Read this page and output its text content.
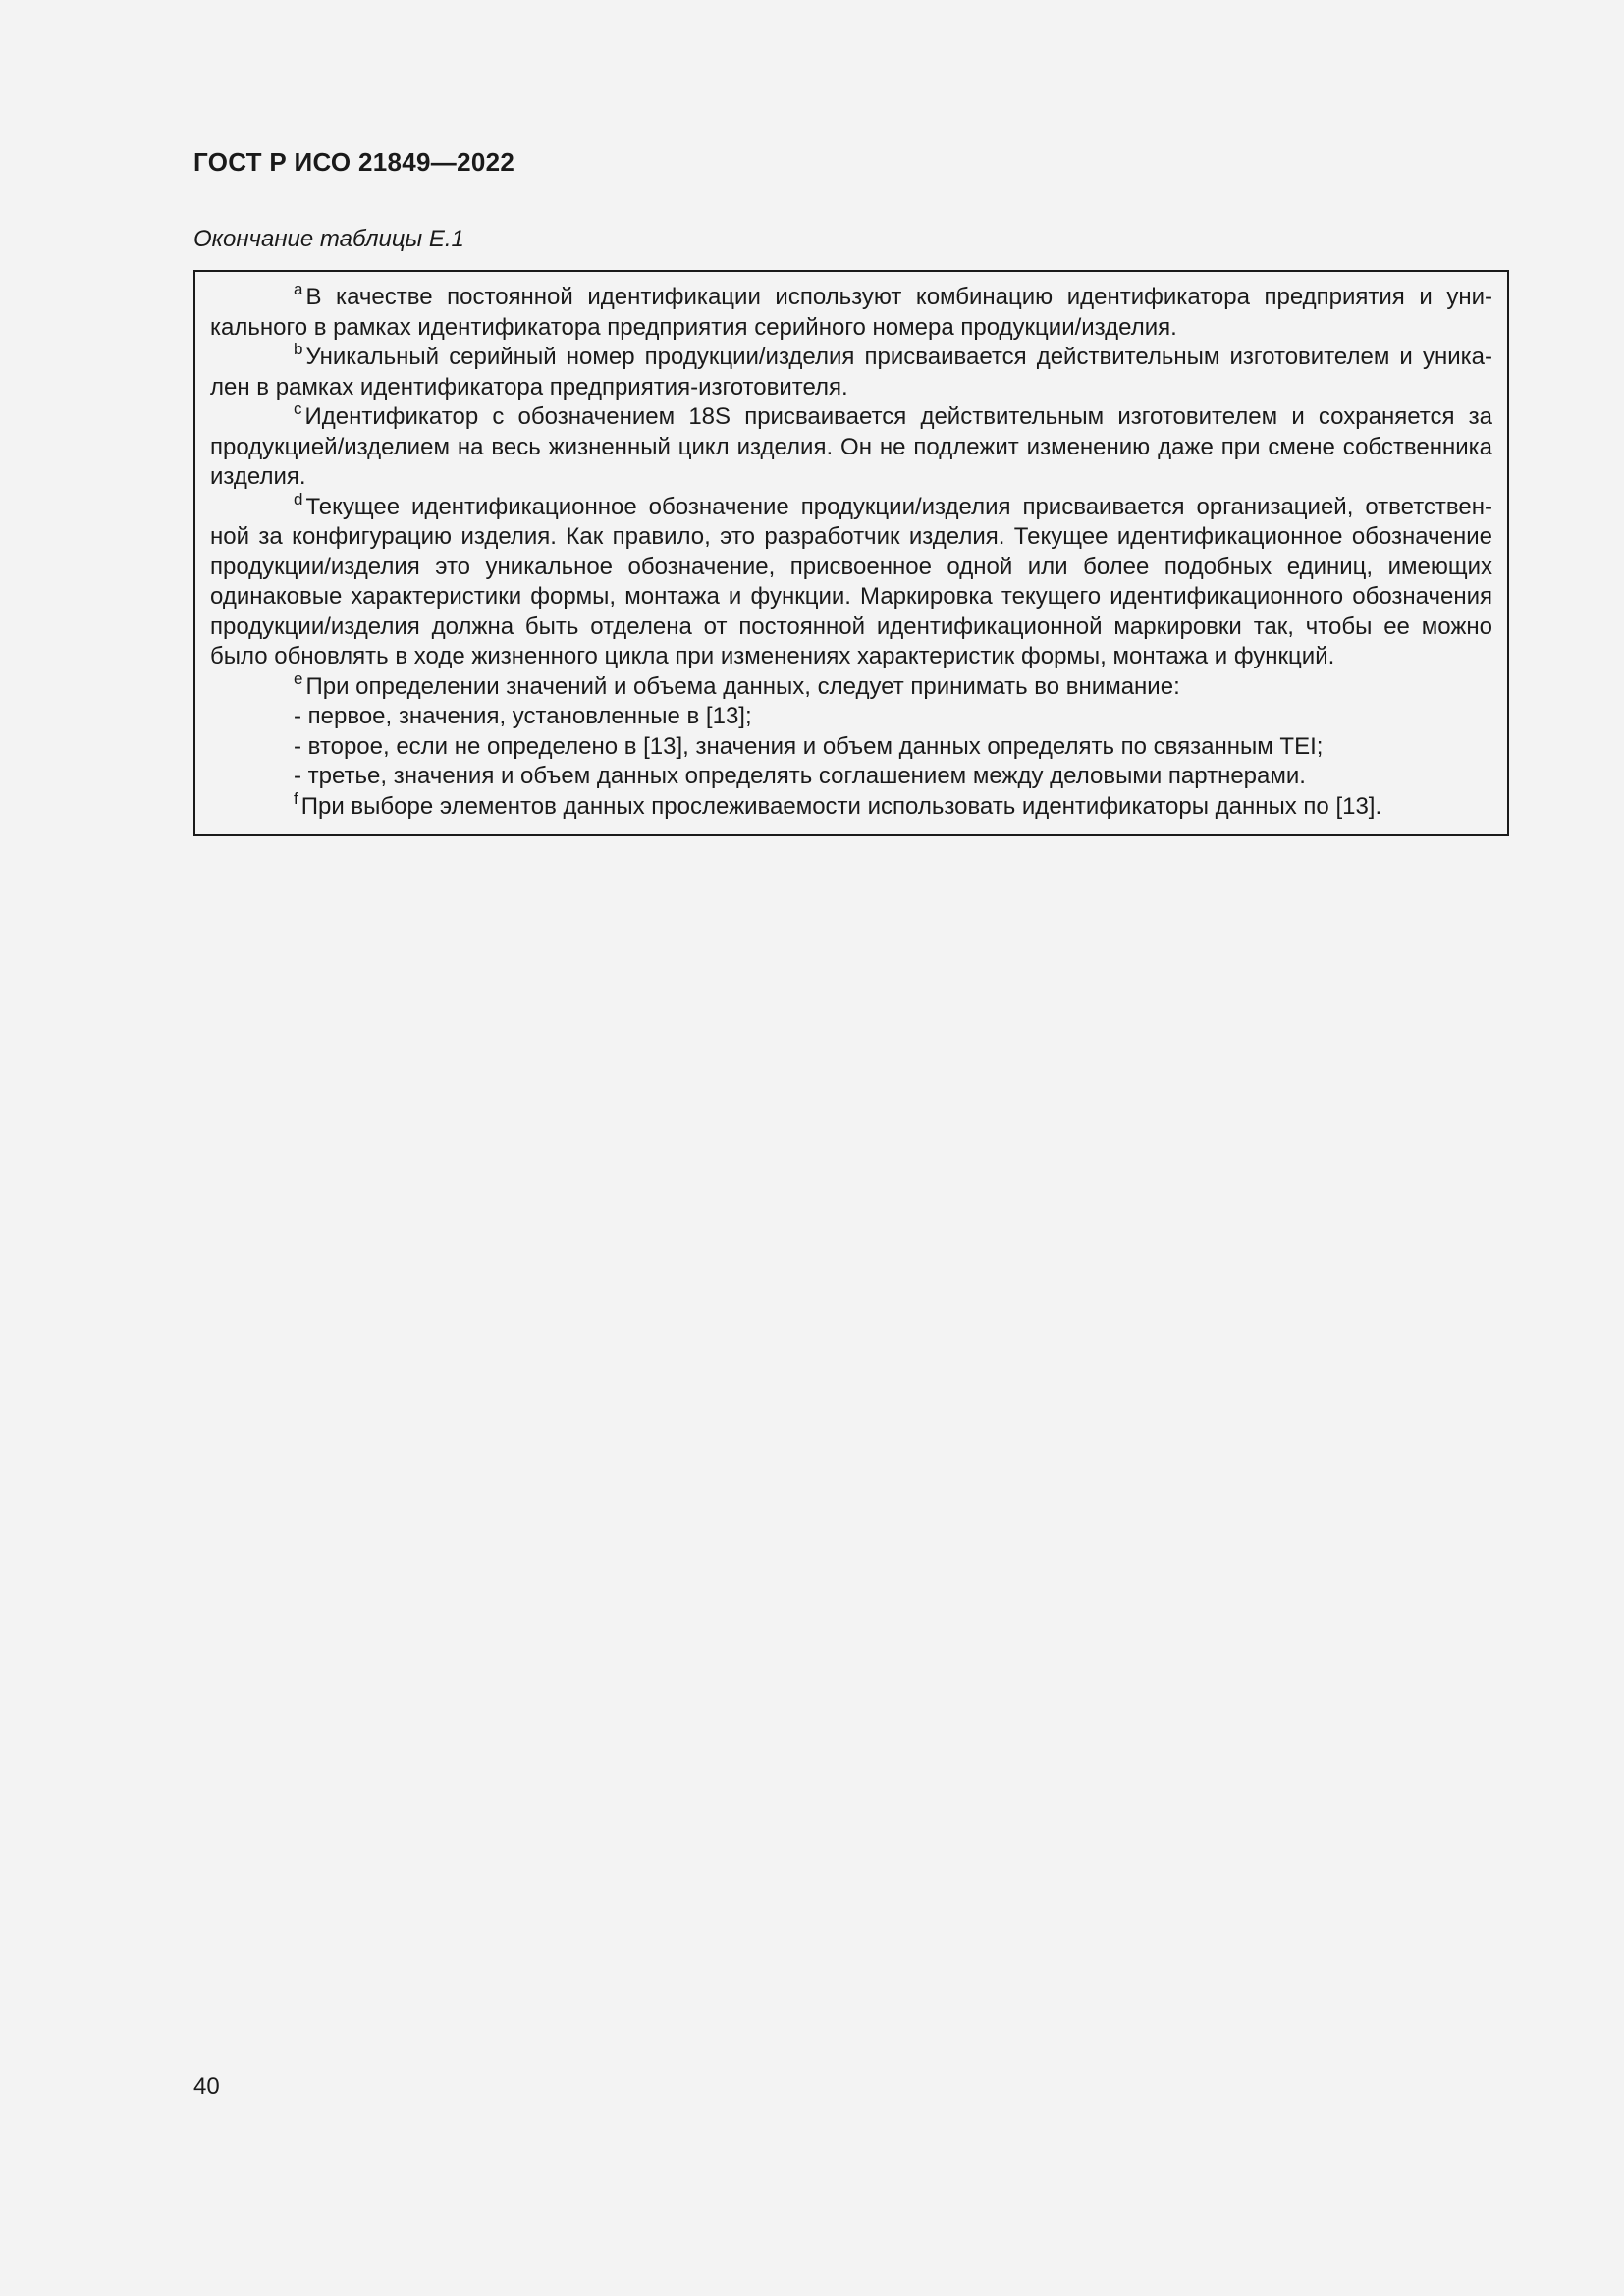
ГОСТ Р ИСО 21849—2022

Окончание таблицы Е.1

$^a$ В качестве постоянной идентификации используют комбинацию идентификатора предприятия и уникального в рамках идентификатора предприятия серийного номера продукции/изделия.

$^b$ Уникальный серийный номер продукции/изделия присваивается действительным изготовителем и уникален в рамках идентификатора предприятия-изготовителя.

$^c$ Идентификатор с обозначением 18S присваивается действительным изготовителем и сохраняется за продукцией/изделием на весь жизненный цикл изделия. Он не подлежит изменению даже при смене собственника изделия.

$^d$ Текущее идентификационное обозначение продукции/изделия присваивается организацией, ответственной за конфигурацию изделия. Как правило, это разработчик изделия. Текущее идентификационное обозначение продукции/изделия это уникальное обозначение, присвоенное одной или более подобных единиц, имеющих одинаковые характеристики формы, монтажа и функции. Маркировка текущего идентификационного обозначения продукции/изделия должна быть отделена от постоянной идентификационной маркировки так, чтобы ее можно было обновлять в ходе жизненного цикла при изменениях характеристик формы, монтажа и функций.

$^e$ При определении значений и объема данных, следует принимать во внимание:

- первое, значения, установленные в [13];
- второе, если не определено в [13], значения и объем данных определять по связанным TEI;
- третье, значения и объем данных определять соглашением между деловыми партнерами.

$^f$ При выборе элементов данных прослеживаемости использовать идентификаторы данных по [13].

40
